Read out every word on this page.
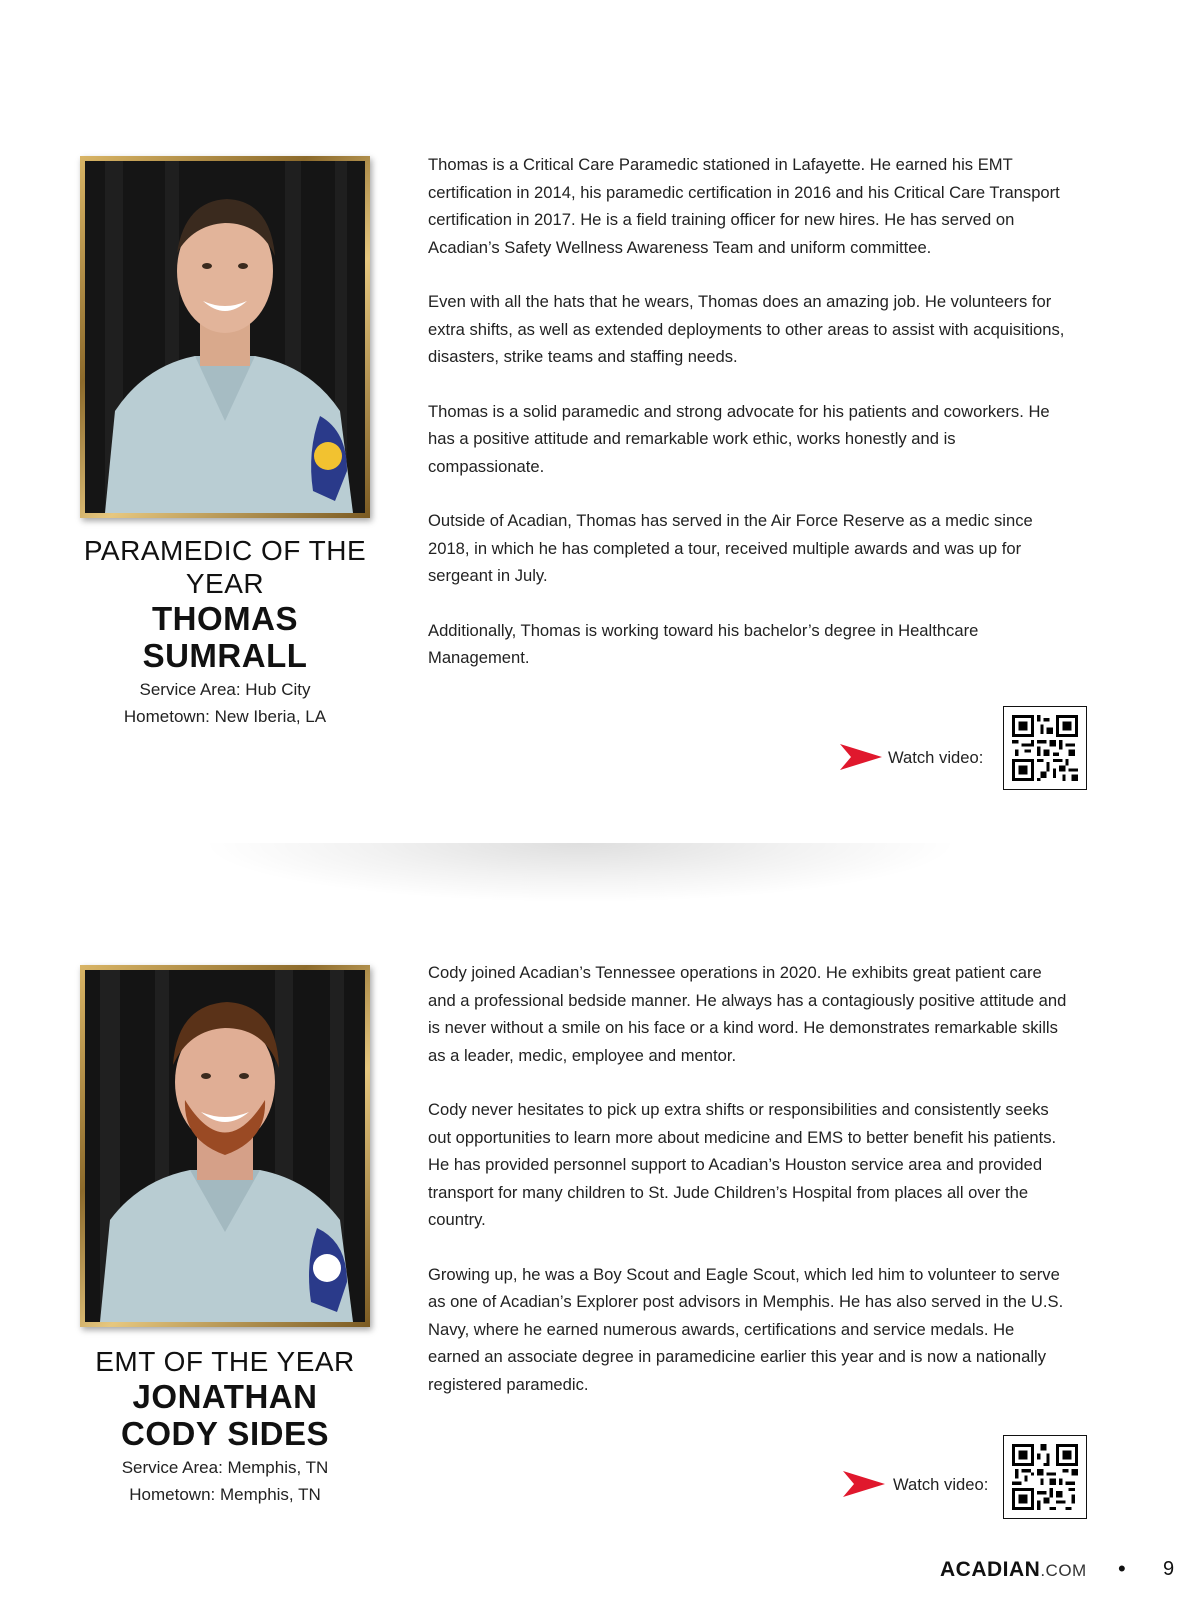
PARAMEDIC OF THE YEAR
THOMAS SUMRALL
Service Area: Hub City
Hometown: New Iberia, LA

Thomas is a Critical Care Paramedic stationed in Lafayette. He earned his EMT certification in 2014, his paramedic certification in 2016 and his Critical Care Transport certification in 2017. He is a field training officer for new hires. He has served on Acadian’s Safety Wellness Awareness Team and uniform committee.

Even with all the hats that he wears, Thomas does an amazing job. He volunteers for extra shifts, as well as extended deployments to other areas to assist with acquisitions, disasters, strike teams and staffing needs.

Thomas is a solid paramedic and strong advocate for his patients and coworkers. He has a positive attitude and remarkable work ethic, works honestly and is compassionate.

Outside of Acadian, Thomas has served in the Air Force Reserve as a medic since 2018, in which he has completed a tour, received multiple awards and was up for sergeant in July.

Additionally, Thomas is working toward his bachelor’s degree in Healthcare Management.

Watch video:
EMT OF THE YEAR
JONATHAN CODY SIDES
Service Area: Memphis, TN
Hometown: Memphis, TN

Cody joined Acadian’s Tennessee operations in 2020. He exhibits great patient care and a professional bedside manner. He always has a contagiously positive attitude and is never without a smile on his face or a kind word. He demonstrates remarkable skills as a leader, medic, employee and mentor.

Cody never hesitates to pick up extra shifts or responsibilities and consistently seeks out opportunities to learn more about medicine and EMS to better benefit his patients. He has provided personnel support to Acadian’s Houston service area and provided transport for many children to St. Jude Children’s Hospital from places all over the country.

Growing up, he was a Boy Scout and Eagle Scout, which led him to volunteer to serve as one of Acadian’s Explorer post advisors in Memphis. He has also served in the U.S. Navy, where he earned numerous awards, certifications and service medals. He earned an associate degree in paramedicine earlier this year and is now a nationally registered paramedic.

Watch video:
ACADIAN.COM • 9
